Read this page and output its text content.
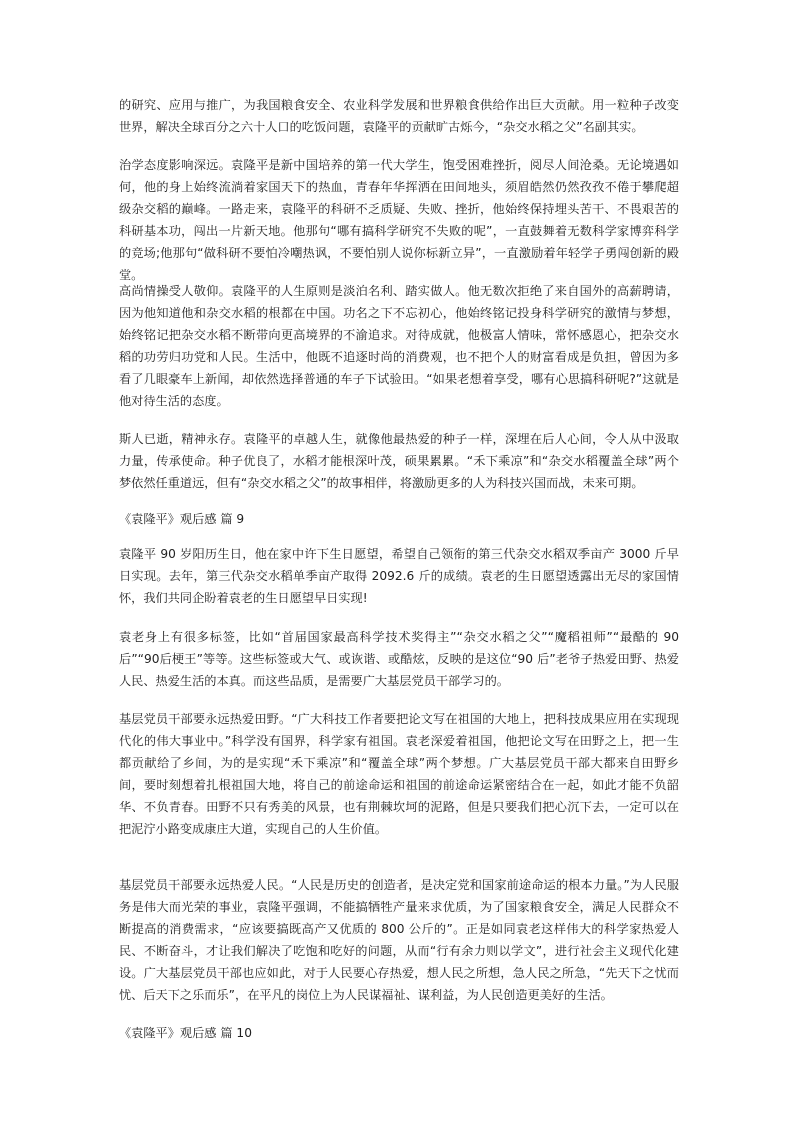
的研究、应用与推广，为我国粮食安全、农业科学发展和世界粮食供给作出巨大贡献。用一粒种子改变世界，解决全球百分之六十人口的吃饭问题，袁隆平的贡献旷古烁今，“杂交水稻之父”名副其实。

治学态度影响深远。袁隆平是新中国培养的第一代大学生，饱受困难挫折，阅尽人间沧桑。无论境遇如何，他的身上始终流淌着家国天下的热血，青春年华挥洒在田间地头，须眉皓然仍然孜孜不倦于攀爬超级杂交稻的巅峰。一路走来，袁隆平的科研不乏质疑、失败、挫折，他始终保持埋头苦干、不畏艰苦的科研基本功，闯出一片新天地。他那句“哪有搞科学研究不失败的呢”，一直鼓舞着无数科学家博弈科学的竞场;他那句“做科研不要怕冷嘲热讽，不要怕别人说你标新立异”，一直激励着年轻学子勇闯创新的殿堂。

高尚情操受人敬仰。袁隆平的人生原则是淡泊名利、踏实做人。他无数次拒绝了来自国外的高薪聘请，因为他知道他和杂交水稻的根都在中国。功名之下不忘初心，他始终铭记投身科学研究的激情与梦想，始终铭记把杂交水稻不断带向更高境界的不渝追求。对待成就，他极富人情味，常怀感恩心，把杂交水稻的功劳归功党和人民。生活中，他既不追逐时尚的消费观，也不把个人的财富看成是负担，曾因为多看了几眼豪车上新闻，却依然选择普通的车子下试验田。“如果老想着享受，哪有心思搞科研呢?”这就是他对待生活的态度。

斯人已逝，精神永存。袁隆平的卓越人生，就像他最热爱的种子一样，深埋在后人心间，令人从中汲取力量，传承使命。种子优良了，水稻才能根深叶茂，硕果累累。“禾下乘凉”和“杂交水稻覆盖全球”两个梦依然任重道远，但有“杂交水稻之父”的故事相伴，将激励更多的人为科技兴国而战，未来可期。

《袁隆平》观后感 篇 9

袁隆平 90 岁阳历生日，他在家中许下生日愿望，希望自己领衔的第三代杂交水稻双季亩产 3000 斤早日实现。去年，第三代杂交水稻单季亩产取得 2092.6 斤的成绩。袁老的生日愿望透露出无尽的家国情怀，我们共同企盼着袁老的生日愿望早日实现!

袁老身上有很多标签，比如“首届国家最高科学技术奖得主”“杂交水稻之父”“魔稻祖师”“最酷的 90 后”“90后梗王”等等。这些标签或大气、或诙谐、或酷炫，反映的是这位“90 后”老爷子热爱田野、热爱人民、热爱生活的本真。而这些品质，是需要广大基层党员干部学习的。

基层党员干部要永远热爱田野。“广大科技工作者要把论文写在祖国的大地上，把科技成果应用在实现现代化的伟大事业中。”科学没有国界，科学家有祖国。袁老深爱着祖国，他把论文写在田野之上，把一生都贡献给了乡间，为的是实现“禾下乘凉”和“覆盖全球”两个梦想。广大基层党员干部大都来自田野乡间，要时刻想着扎根祖国大地，将自己的前途命运和祖国的前途命运紧密结合在一起，如此才能不负韶华、不负青春。田野不只有秀美的风景，也有荆棘坎坷的泥路，但是只要我们把心沉下去，一定可以在把泥泞小路变成康庄大道，实现自己的人生价值。

基层党员干部要永远热爱人民。“人民是历史的创造者，是决定党和国家前途命运的根本力量。”为人民服务是伟大而光荣的事业，袁隆平强调，不能搞牺牲产量来求优质，为了国家粮食安全，满足人民群众不断提高的消费需求，“应该要搞既高产又优质的 800 公斤的”。正是如同袁老这样伟大的科学家热爱人民、不断奋斗，才让我们解决了吃饱和吃好的问题，从而“行有余力则以学文”，进行社会主义现代化建设。广大基层党员干部也应如此，对于人民要心存热爱，想人民之所想，急人民之所急，“先天下之忧而忧、后天下之乐而乐”，在平凡的岗位上为人民谋福祉、谋利益，为人民创造更美好的生活。

《袁隆平》观后感 篇 10
